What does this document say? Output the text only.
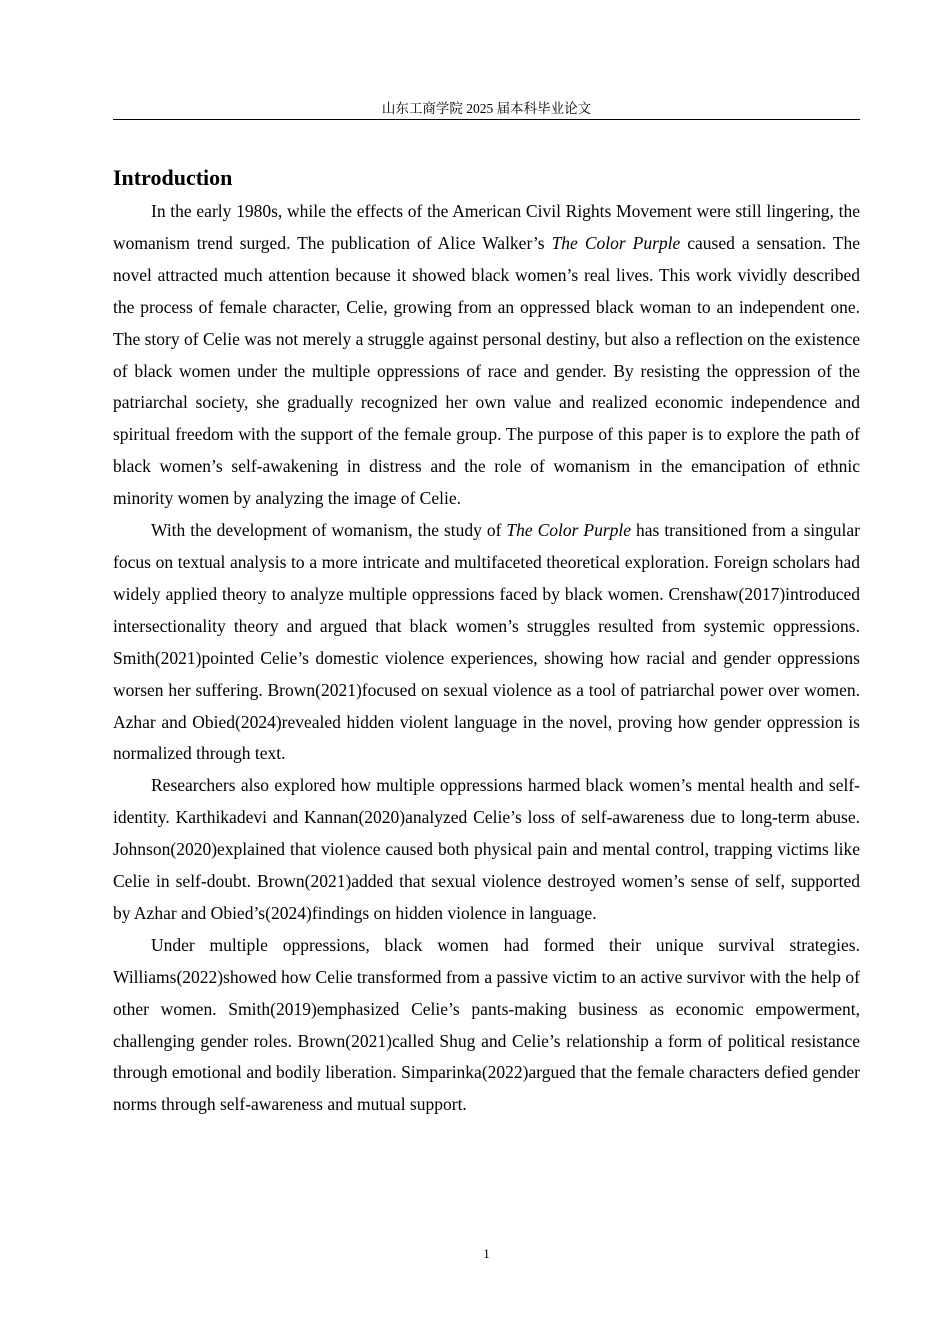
山东工商学院 2025 届本科毕业论文
Introduction

In the early 1980s, while the effects of the American Civil Rights Movement were still lingering, the womanism trend surged. The publication of Alice Walker’s The Color Purple caused a sensation. The novel attracted much attention because it showed black women’s real lives. This work vividly described the process of female character, Celie, growing from an oppressed black woman to an independent one. The story of Celie was not merely a struggle against personal destiny, but also a reflection on the existence of black women under the multiple oppressions of race and gender. By resisting the oppression of the patriarchal society, she gradually recognized her own value and realized economic independence and spiritual freedom with the support of the female group. The purpose of this paper is to explore the path of black women’s self-awakening in distress and the role of womanism in the emancipation of ethnic minority women by analyzing the image of Celie.

With the development of womanism, the study of The Color Purple has transitioned from a singular focus on textual analysis to a more intricate and multifaceted theoretical exploration. Foreign scholars had widely applied theory to analyze multiple oppressions faced by black women. Crenshaw(2017)introduced intersectionality theory and argued that black women’s struggles resulted from systemic oppressions. Smith(2021)pointed Celie’s domestic violence experiences, showing how racial and gender oppressions worsen her suffering. Brown(2021)focused on sexual violence as a tool of patriarchal power over women. Azhar and Obied(2024)revealed hidden violent language in the novel, proving how gender oppression is normalized through text.

Researchers also explored how multiple oppressions harmed black women’s mental health and self-identity. Karthikadevi and Kannan(2020)analyzed Celie’s loss of self-awareness due to long-term abuse. Johnson(2020)explained that violence caused both physical pain and mental control, trapping victims like Celie in self-doubt. Brown(2021)added that sexual violence destroyed women’s sense of self, supported by Azhar and Obied’s(2024)findings on hidden violence in language.

Under multiple oppressions, black women had formed their unique survival strategies. Williams(2022)showed how Celie transformed from a passive victim to an active survivor with the help of other women. Smith(2019)emphasized Celie’s pants-making business as economic empowerment, challenging gender roles. Brown(2021)called Shug and Celie’s relationship a form of political resistance through emotional and bodily liberation. Simparinka(2022)argued that the female characters defied gender norms through self-awareness and mutual support.

1
